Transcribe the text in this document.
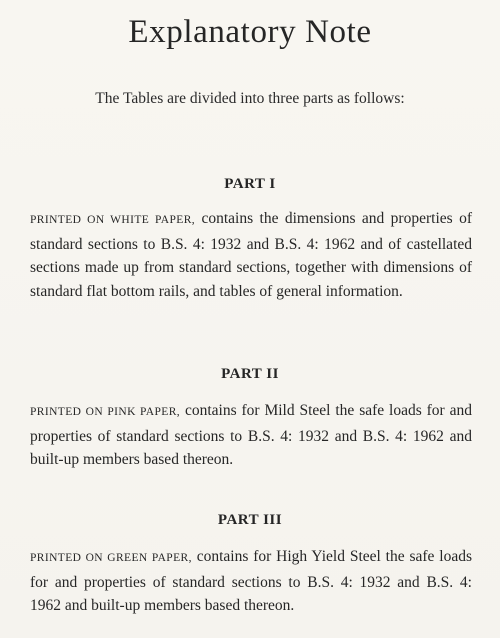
Explanatory Note
The Tables are divided into three parts as follows:
PART I
PRINTED ON WHITE PAPER, contains the dimensions and properties of standard sections to B.S. 4: 1932 and B.S. 4: 1962 and of castellated sections made up from standard sections, together with dimensions of standard flat bottom rails, and tables of general information.
PART II
PRINTED ON PINK PAPER, contains for Mild Steel the safe loads for and properties of standard sections to B.S. 4: 1932 and B.S. 4: 1962 and built-up members based thereon.
PART III
PRINTED ON GREEN PAPER, contains for High Yield Steel the safe loads for and properties of standard sections to B.S. 4: 1932 and B.S. 4: 1962 and built-up members based thereon.
